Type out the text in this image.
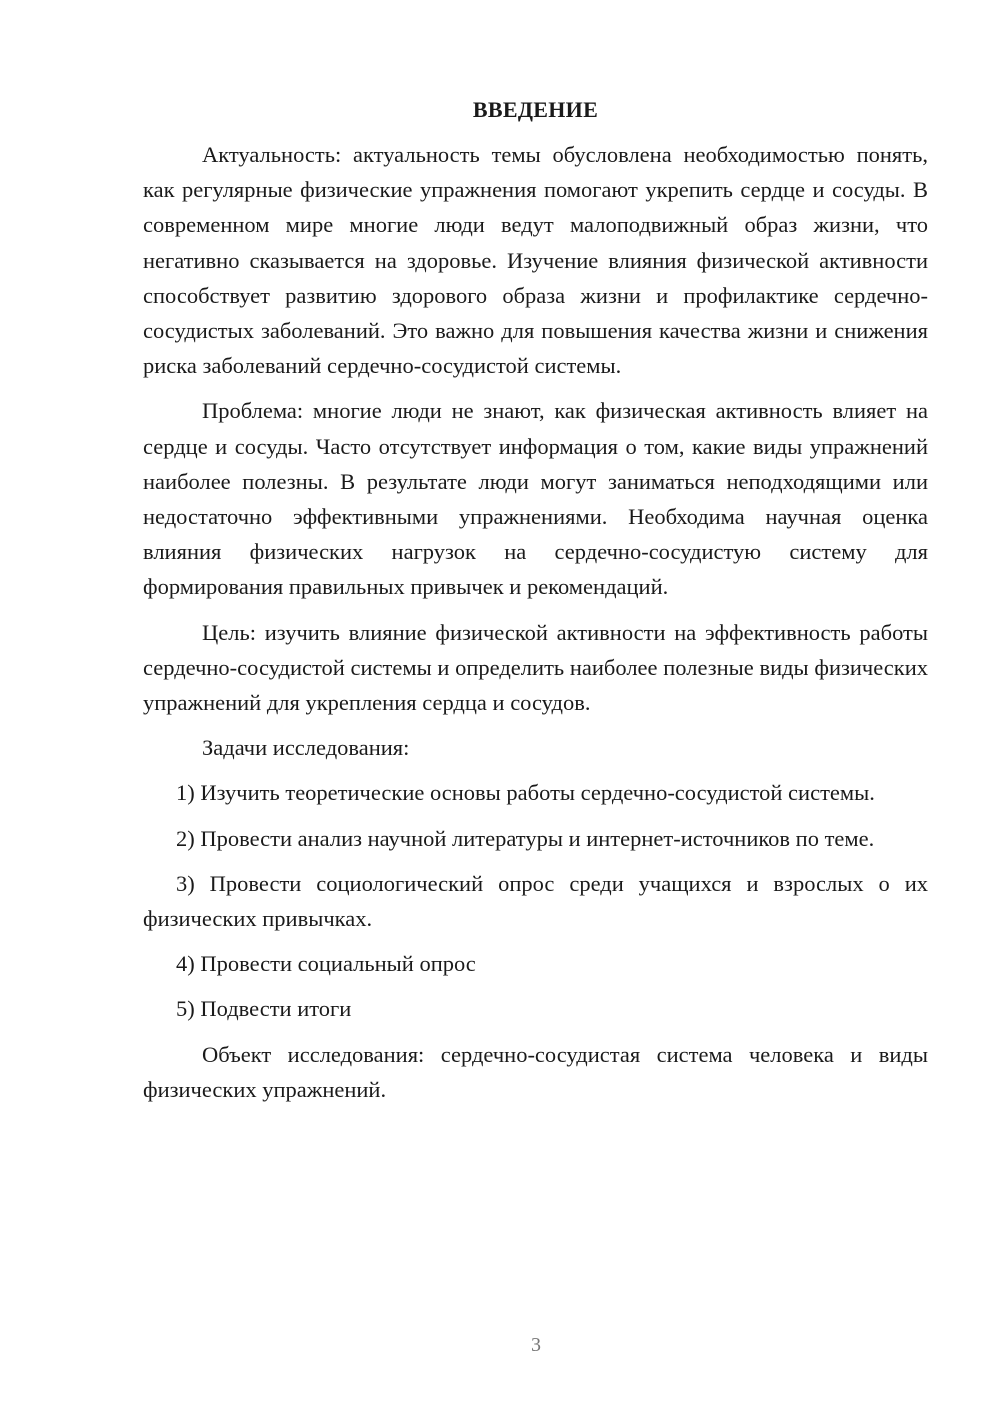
ВВЕДЕНИЕ

Актуальность: актуальность темы обусловлена необходимостью понять, как регулярные физические упражнения помогают укрепить сердце и сосуды. В современном мире многие люди ведут малоподвижный образ жизни, что негативно сказывается на здоровье. Изучение влияния физической активности способствует развитию здорового образа жизни и профилактике сердечно-сосудистых заболеваний. Это важно для повышения качества жизни и снижения риска заболеваний сердечно-сосудистой системы.

Проблема: многие люди не знают, как физическая активность влияет на сердце и сосуды. Часто отсутствует информация о том, какие виды упражнений наиболее полезны. В результате люди могут заниматься неподходящими или недостаточно эффективными упражнениями. Необходима научная оценка влияния физических нагрузок на сердечно-сосудистую систему для формирования правильных привычек и рекомендаций.

Цель: изучить влияние физической активности на эффективность работы сердечно-сосудистой системы и определить наиболее полезные виды физических упражнений для укрепления сердца и сосудов.

Задачи исследования:

1) Изучить теоретические основы работы сердечно-сосудистой системы.

2) Провести анализ научной литературы и интернет-источников по теме.

3) Провести социологический опрос среди учащихся и взрослых о их физических привычках.

4) Провести социальный опрос

5) Подвести итоги

Объект исследования: сердечно-сосудистая система человека и виды физических упражнений.

3
